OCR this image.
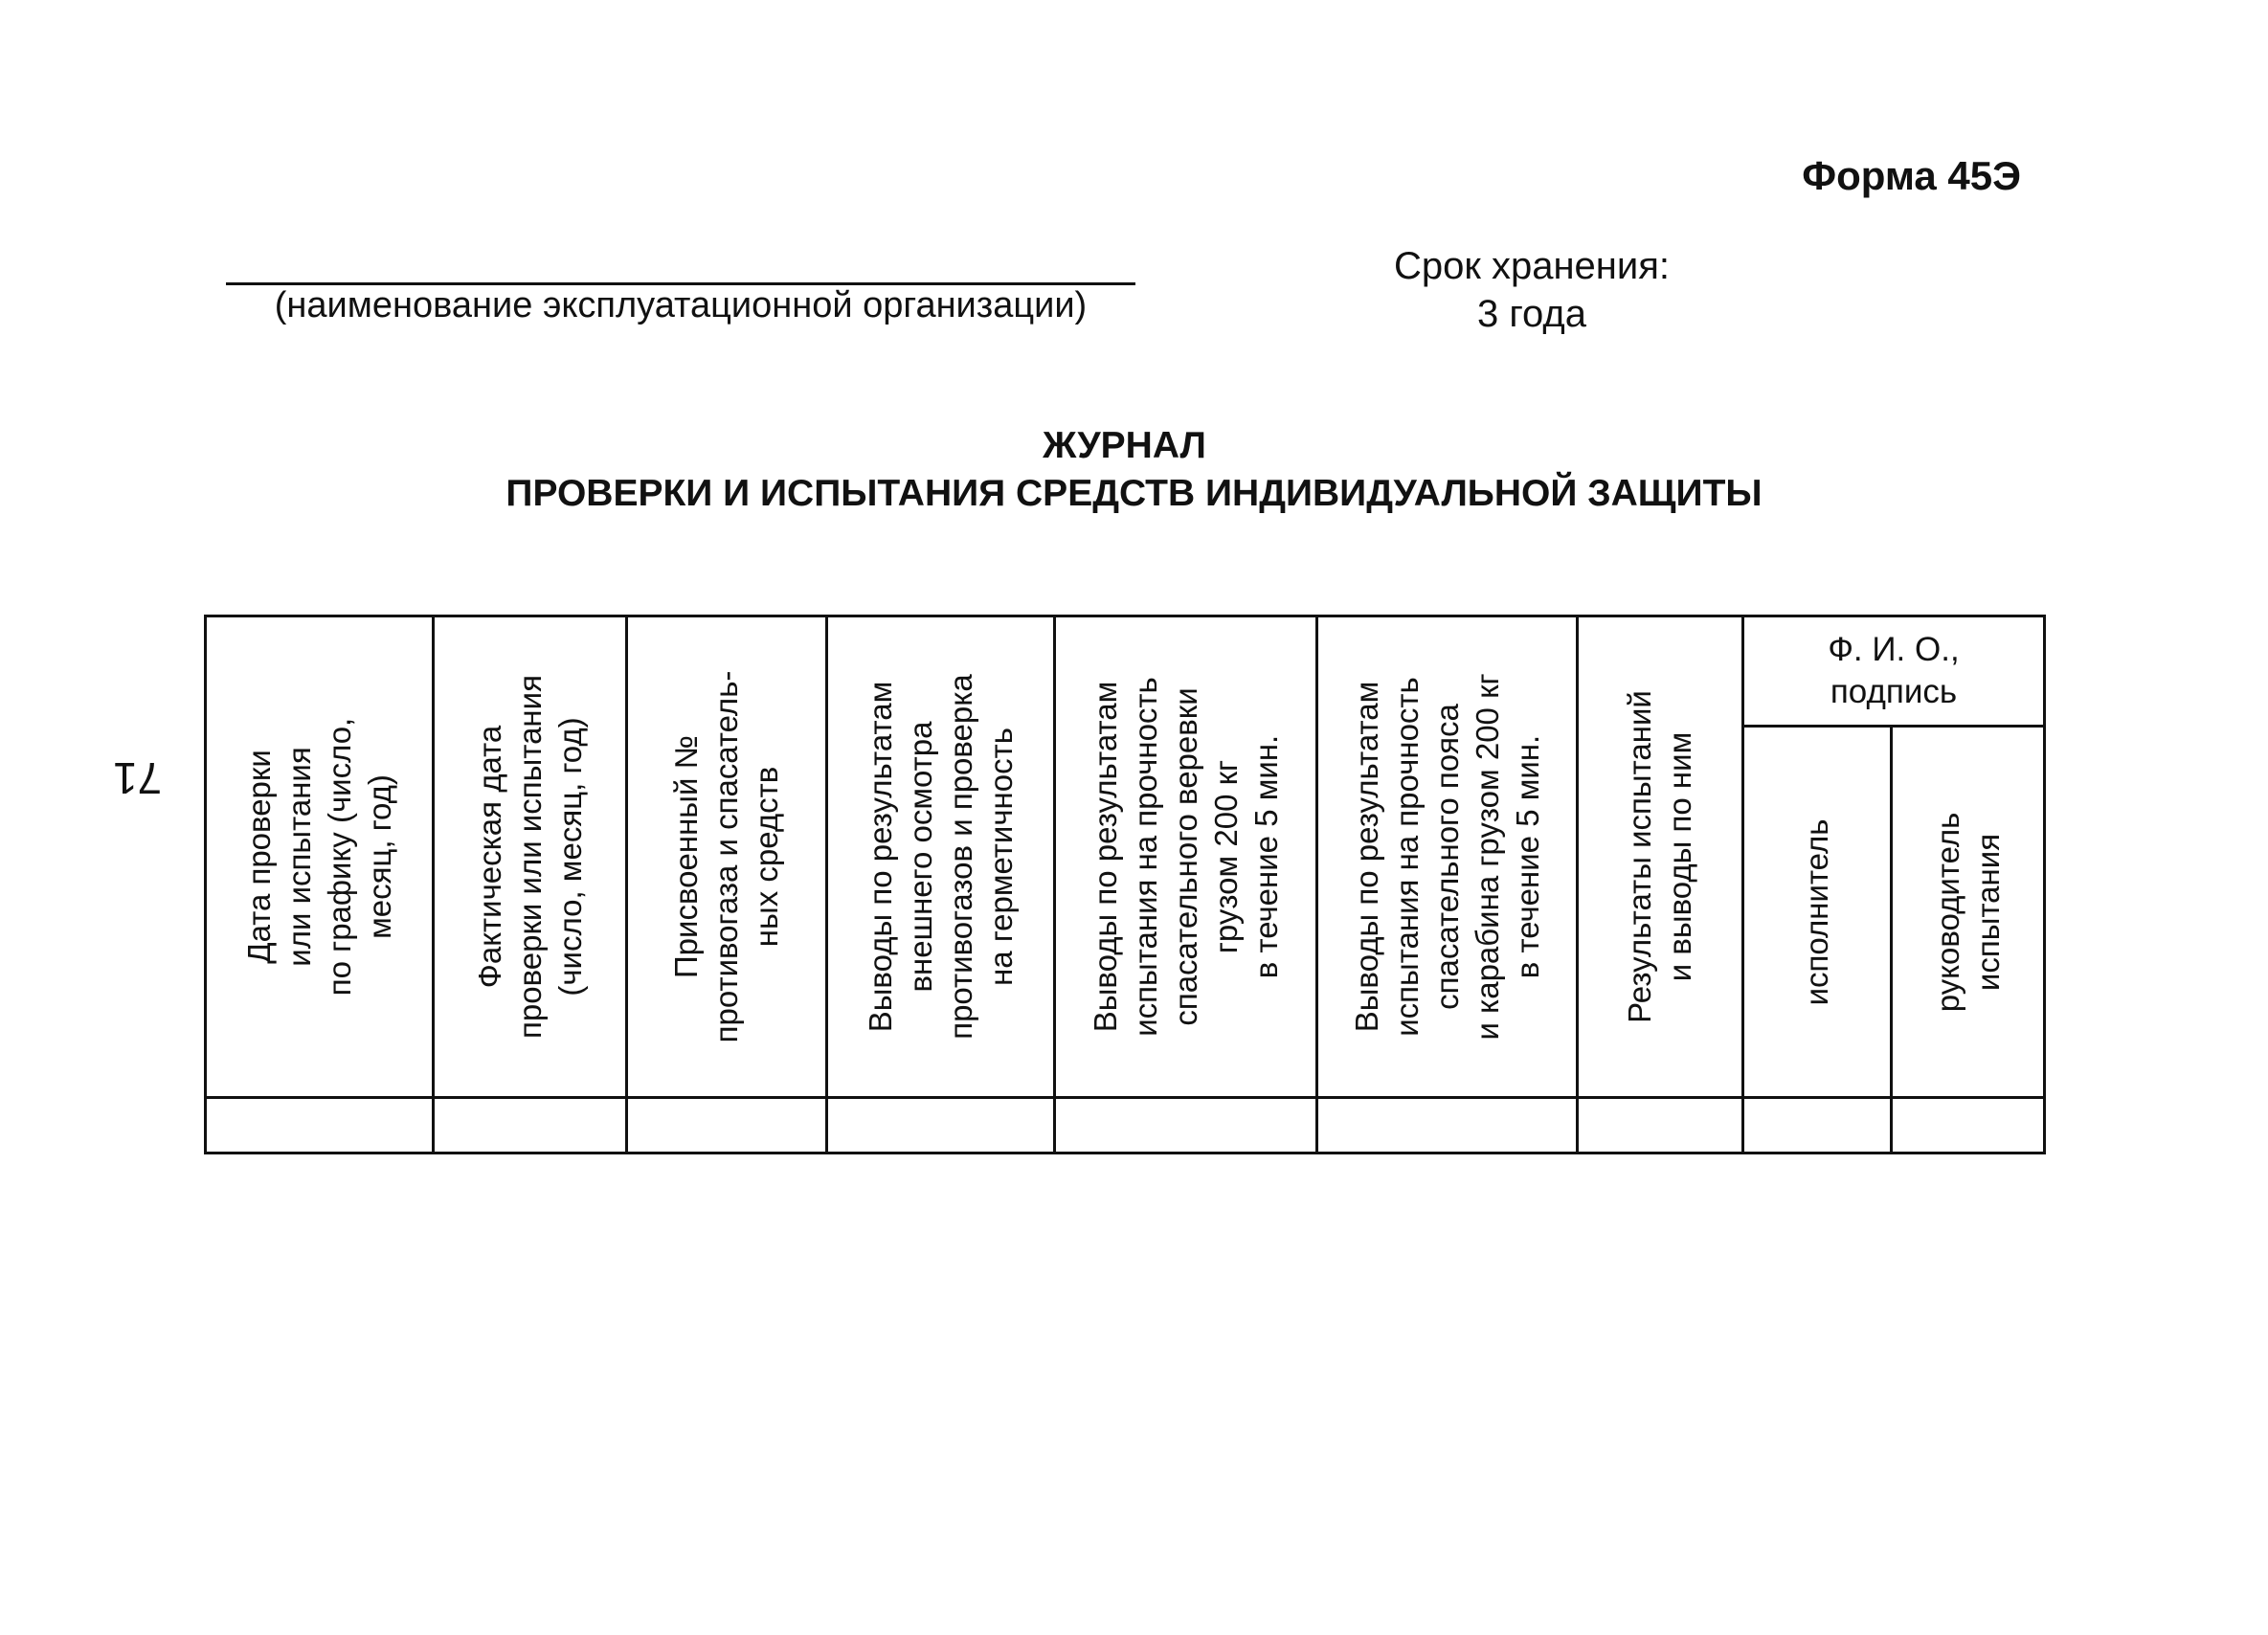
Форма 45Э
(наименование эксплуатационной организации)
Срок хранения:
3 года
ЖУРНАЛ
ПРОВЕРКИ И ИСПЫТАНИЯ СРЕДСТВ ИНДИВИДУАЛЬНОЙ ЗАЩИТЫ
71
Дата проверки
или испытания
по графику (число,
месяц, год)	Фактическая дата
проверки или испытания
(число, месяц, год)	Присвоенный №
противогаза и спасатель-
ных средств	Выводы по результатам
внешнего осмотра
противогазов и проверка
на герметичность	Выводы по результатам
испытания на прочность
спасательного веревки
грузом 200 кг
в течение 5 мин.	Выводы по результатам
испытания на прочность
спасательного пояса
и карабина грузом 200 кг
в течение 5 мин.	Результаты испытаний
и выводы по ним	Ф. И. О.,
подпись	

							исполнитель	руководитель
испытания
